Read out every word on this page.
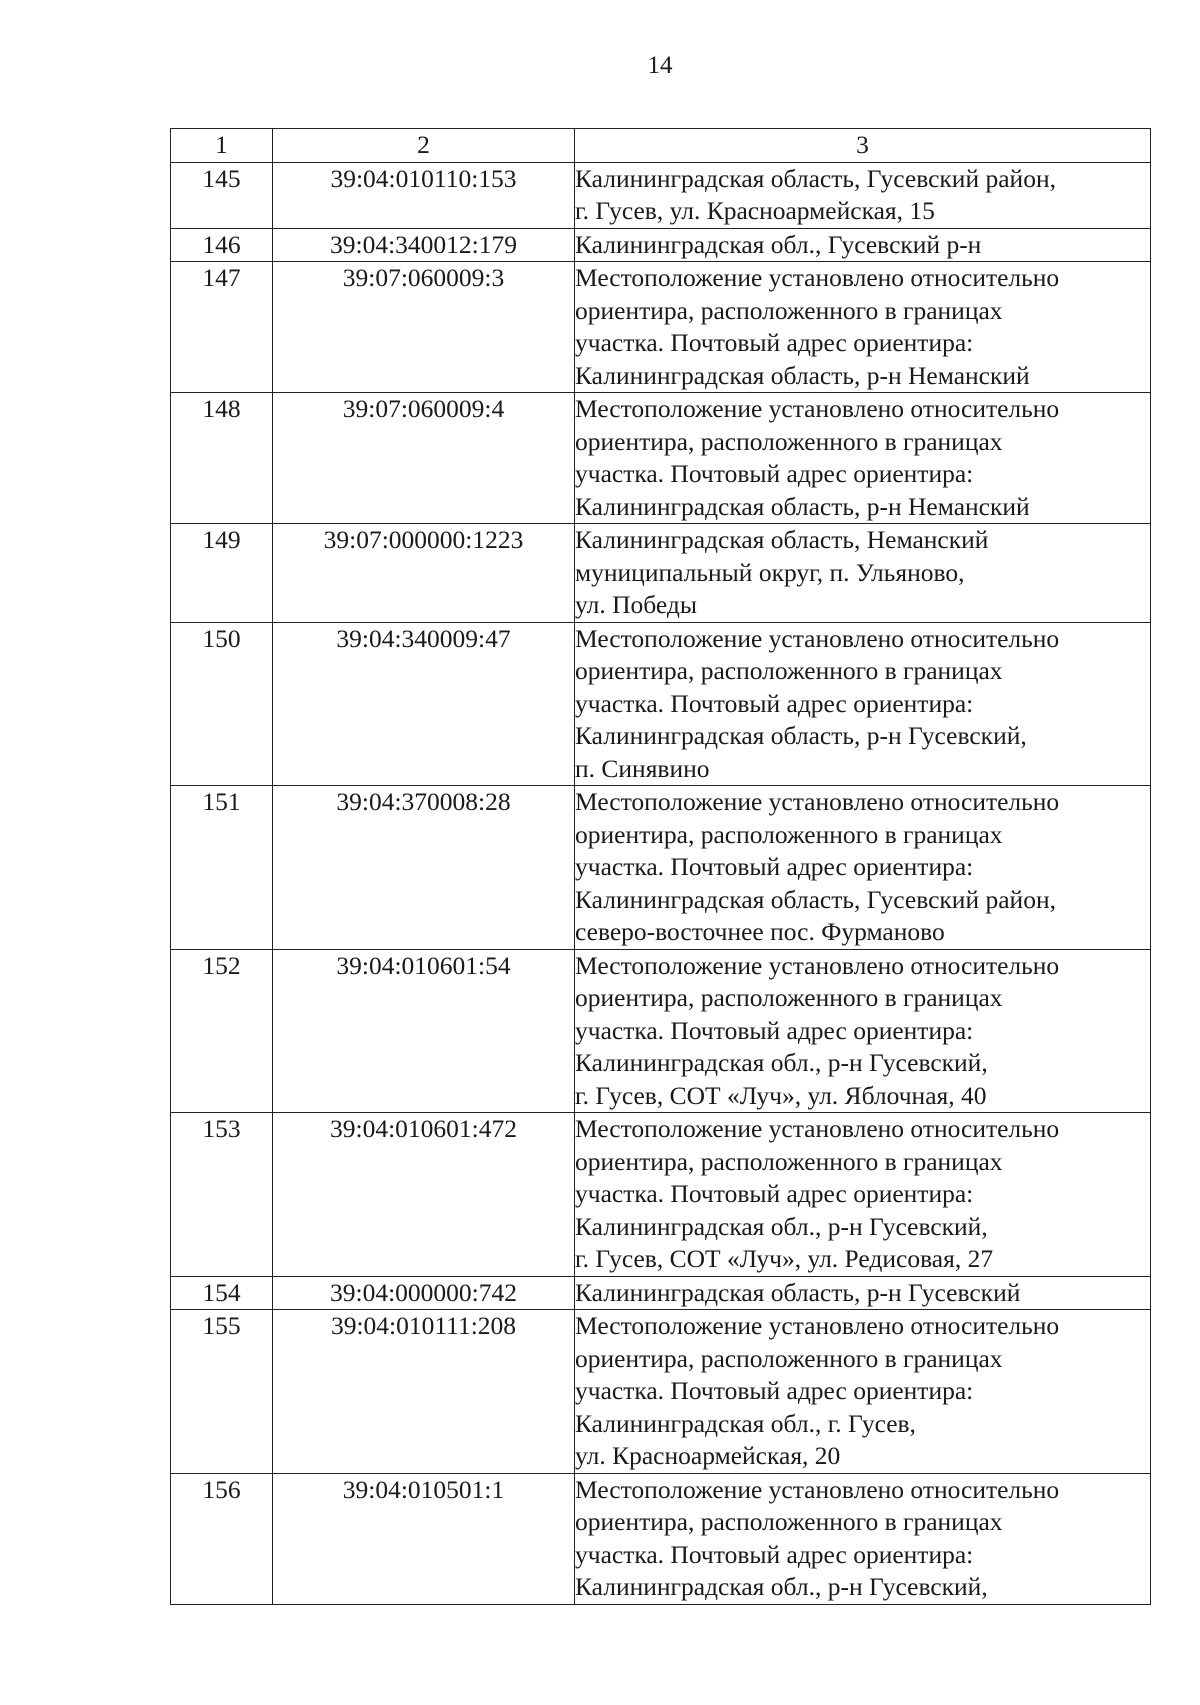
14
1	2	3
145	39:04:010110:153	Калининградская область, Гусевский район,
г. Гусев, ул. Красноармейская, 15

146	39:04:340012:179	Калининградская обл., Гусевский р-н

147	39:07:060009:3	Местоположение установлено относительно
ориентира, расположенного в границах
участка. Почтовый адрес ориентира:
Калининградская область, р-н Неманский

148	39:07:060009:4	Местоположение установлено относительно
ориентира, расположенного в границах
участка. Почтовый адрес ориентира:
Калининградская область, р-н Неманский

149	39:07:000000:1223	Калининградская область, Неманский
муниципальный округ, п. Ульяново,
ул. Победы

150	39:04:340009:47	Местоположение установлено относительно
ориентира, расположенного в границах
участка. Почтовый адрес ориентира:
Калининградская область, р-н Гусевский,
п. Синявино

151	39:04:370008:28	Местоположение установлено относительно
ориентира, расположенного в границах
участка. Почтовый адрес ориентира:
Калининградская область, Гусевский район,
северо-восточнее пос. Фурманово

152	39:04:010601:54	Местоположение установлено относительно
ориентира, расположенного в границах
участка. Почтовый адрес ориентира:
Калининградская обл., р-н Гусевский,
г. Гусев, СОТ «Луч», ул. Яблочная, 40

153	39:04:010601:472	Местоположение установлено относительно
ориентира, расположенного в границах
участка. Почтовый адрес ориентира:
Калининградская обл., р-н Гусевский,
г. Гусев, СОТ «Луч», ул. Редисовая, 27

154	39:04:000000:742	Калининградская область, р-н Гусевский

155	39:04:010111:208	Местоположение установлено относительно
ориентира, расположенного в границах
участка. Почтовый адрес ориентира:
Калининградская обл., г. Гусев,
ул. Красноармейская, 20

156	39:04:010501:1	Местоположение установлено относительно
ориентира, расположенного в границах
участка. Почтовый адрес ориентира:
Калининградская обл., р-н Гусевский,
